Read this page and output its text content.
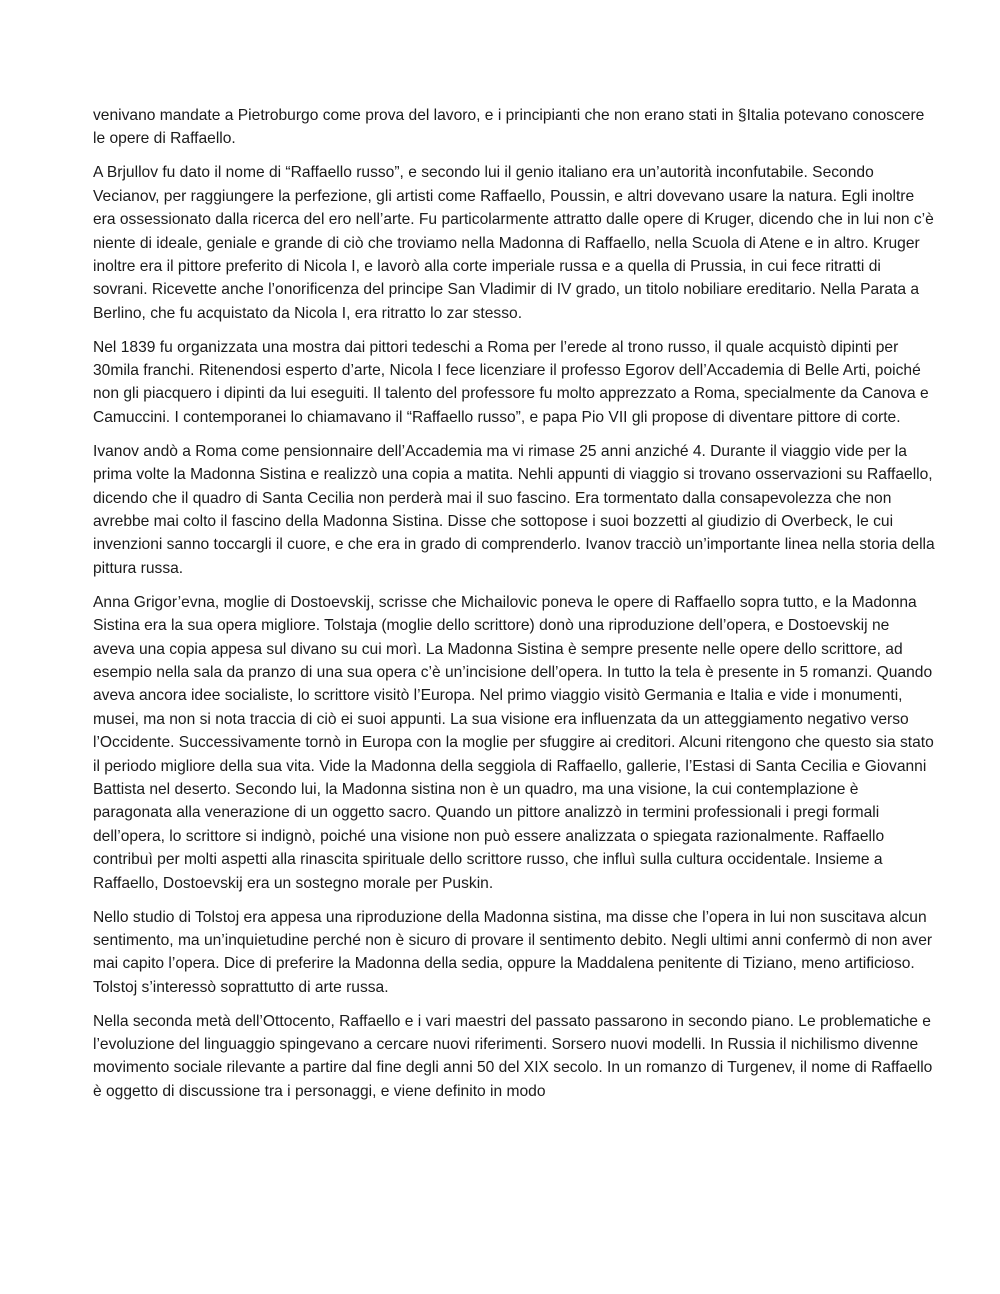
venivano mandate a Pietroburgo come prova del lavoro, e i principianti che non erano stati in §Italia potevano conoscere le opere di Raffaello.

A Brjullov fu dato il nome di “Raffaello russo”, e secondo lui il genio italiano era un’autorità inconfutabile. Secondo Vecianov, per raggiungere la perfezione, gli artisti come Raffaello, Poussin, e altri dovevano usare la natura. Egli inoltre era ossessionato dalla ricerca del ero nell’arte. Fu particolarmente attratto dalle opere di Kruger, dicendo che in lui non c’è niente di ideale, geniale e grande di ciò che troviamo nella Madonna di Raffaello, nella Scuola di Atene e in altro. Kruger inoltre era il pittore preferito di Nicola I, e lavorò alla corte imperiale russa e a quella di Prussia, in cui fece ritratti di sovrani. Ricevette anche l’onorificenza del principe San Vladimir di IV grado, un titolo nobiliare ereditario. Nella Parata a Berlino, che fu acquistato da Nicola I, era ritratto lo zar stesso.

Nel 1839 fu organizzata una mostra dai pittori tedeschi a Roma per l’erede al trono russo, il quale acquistò dipinti per 30mila franchi. Ritenendosi esperto d’arte, Nicola I fece licenziare il professo Egorov dell’Accademia di Belle Arti, poiché non gli piacquero i dipinti da lui eseguiti. Il talento del professore fu molto apprezzato a Roma, specialmente da Canova e Camuccini. I contemporanei lo chiamavano il “Raffaello russo”, e papa Pio VII gli propose di diventare pittore di corte.

Ivanov andò a Roma come pensionnaire dell’Accademia ma vi rimase 25 anni anziché 4. Durante il viaggio vide per la prima volte la Madonna Sistina e realizzò una copia a matita. Nehli appunti di viaggio si trovano osservazioni su Raffaello, dicendo che il quadro di Santa Cecilia non perderà mai il suo fascino. Era tormentato dalla consapevolezza che non avrebbe mai colto il fascino della Madonna Sistina. Disse che sottopose i suoi bozzetti al giudizio di Overbeck, le cui invenzioni sanno toccargli il cuore, e che era in grado di comprenderlo. Ivanov tracciò un’importante linea nella storia della pittura russa.

Anna Grigor’evna, moglie di Dostoevskij, scrisse che Michailovic poneva le opere di Raffaello sopra tutto, e la Madonna Sistina era la sua opera migliore. Tolstaja (moglie dello scrittore) donò una riproduzione dell’opera, e Dostoevskij ne aveva una copia appesa sul divano su cui morì. La Madonna Sistina è sempre presente nelle opere dello scrittore, ad esempio nella sala da pranzo di una sua opera c’è un’incisione dell’opera. In tutto la tela è presente in 5 romanzi. Quando aveva ancora idee socialiste, lo scrittore visitò l’Europa. Nel primo viaggio visitò Germania e Italia e vide i monumenti, musei, ma non si nota traccia di ciò ei suoi appunti. La sua visione era influenzata da un atteggiamento negativo verso l’Occidente. Successivamente tornò in Europa con la moglie per sfuggire ai creditori. Alcuni ritengono che questo sia stato il periodo migliore della sua vita. Vide la Madonna della seggiola di Raffaello, gallerie, l’Estasi di Santa Cecilia e Giovanni Battista nel deserto. Secondo lui, la Madonna sistina non è un quadro, ma una visione, la cui contemplazione è paragonata alla venerazione di un oggetto sacro. Quando un pittore analizzò in termini professionali i pregi formali dell’opera, lo scrittore si indignò, poiché una visione non può essere analizzata o spiegata razionalmente. Raffaello contribuì per molti aspetti alla rinascita spirituale dello scrittore russo, che influì sulla cultura occidentale. Insieme a Raffaello, Dostoevskij era un sostegno morale per Puskin.

Nello studio di Tolstoj era appesa una riproduzione della Madonna sistina, ma disse che l’opera in lui non suscitava alcun sentimento, ma un’inquietudine perché non è sicuro di provare il sentimento debito. Negli ultimi anni confermò di non aver mai capito l’opera. Dice di preferire la Madonna della sedia, oppure la Maddalena penitente di Tiziano, meno artificioso. Tolstoj s’interessò soprattutto di arte russa.

Nella seconda metà dell’Ottocento, Raffaello e i vari maestri del passato passarono in secondo piano. Le problematiche e l’evoluzione del linguaggio spingevano a cercare nuovi riferimenti. Sorsero nuovi modelli. In Russia il nichilismo divenne movimento sociale rilevante a partire dal fine degli anni 50 del XIX secolo. In un romanzo di Turgenev, il nome di Raffaello è oggetto di discussione tra i personaggi, e viene definito in modo
